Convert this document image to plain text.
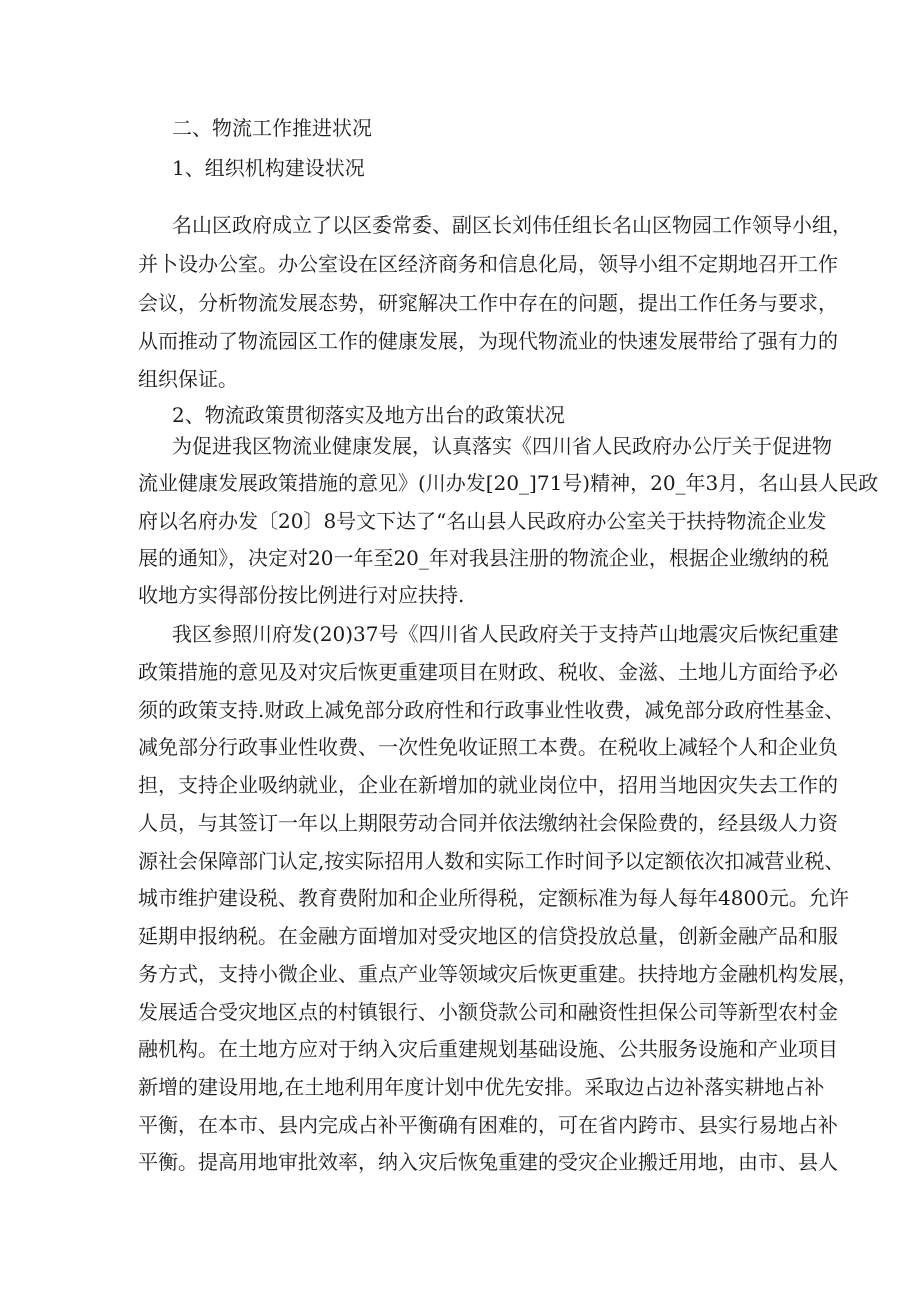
二、物流工作推进状况

1、组织机构建设状况

名山区政府成立了以区委常委、副区长刘伟任组长名山区物园工作领导小组，

并卜设办公室。办公室设在区经济商务和信息化局，领导小组不定期地召开工作

会议，分析物流发展态势，研窕解决工作中存在的问题，提出工作任务与要求，

从而推动了物流园区工作的健康发展，为现代物流业的快速发展带给了强有力的

组织保证。

2、物流政策贯彻落实及地方出台的政策状况

为促进我区物流业健康发展，认真落实《四川省人民政府办公厅关于促进物

流业健康发展政策措施的意见》(川办发[20_]71号)精神，20_年3月，名山县人民政

府以名府办发〔20〕8号文下达了“名山县人民政府办公室关于扶持物流企业发

展的通知》，决定对20一年至20_年对我县注册的物流企业，根据企业缴纳的税

收地方实得部份按比例进行对应扶持.

我区参照川府发(20)37号《四川省人民政府关于支持芦山地震灾后恢纪重建

政策措施的意见及对灾后恢更重建项目在财政、税收、金滋、土地儿方面给予必

须的政策支持.财政上减免部分政府性和行政事业性收费，减免部分政府性基金、

减免部分行政事业性收费、一次性免收证照工本费。在税收上减轻个人和企业负

担，支持企业吸纳就业，企业在新增加的就业岗位中，招用当地因灾失去工作的

人员，与其签订一年以上期限劳动合同并依法缴纳社会保险费的，经县级人力资

源社会保障部门认定,按实际招用人数和实际工作时间予以定额依次扣减营业税、

城市维护建设税、教育费附加和企业所得税，定额标准为每人每年4800元。允许

延期申报纳税。在金融方面增加对受灾地区的信贷投放总量，创新金融产品和服

务方式，支持小微企业、重点产业等领域灾后恢更重建。扶持地方金融机构发展，

发展适合受灾地区点的村镇银行、小额贷款公司和融资性担保公司等新型农村金

融机构。在土地方应对于纳入灾后重建规划基础设施、公共服务设施和产业项目

新增的建设用地,在土地利用年度计划中优先安排。采取边占边补落实耕地占补

平衡，在本市、县内完成占补平衡确有困难的，可在省内跨市、县实行易地占补

平衡。提高用地审批效率，纳入灾后恢兔重建的受灾企业搬迁用地，由市、县人
